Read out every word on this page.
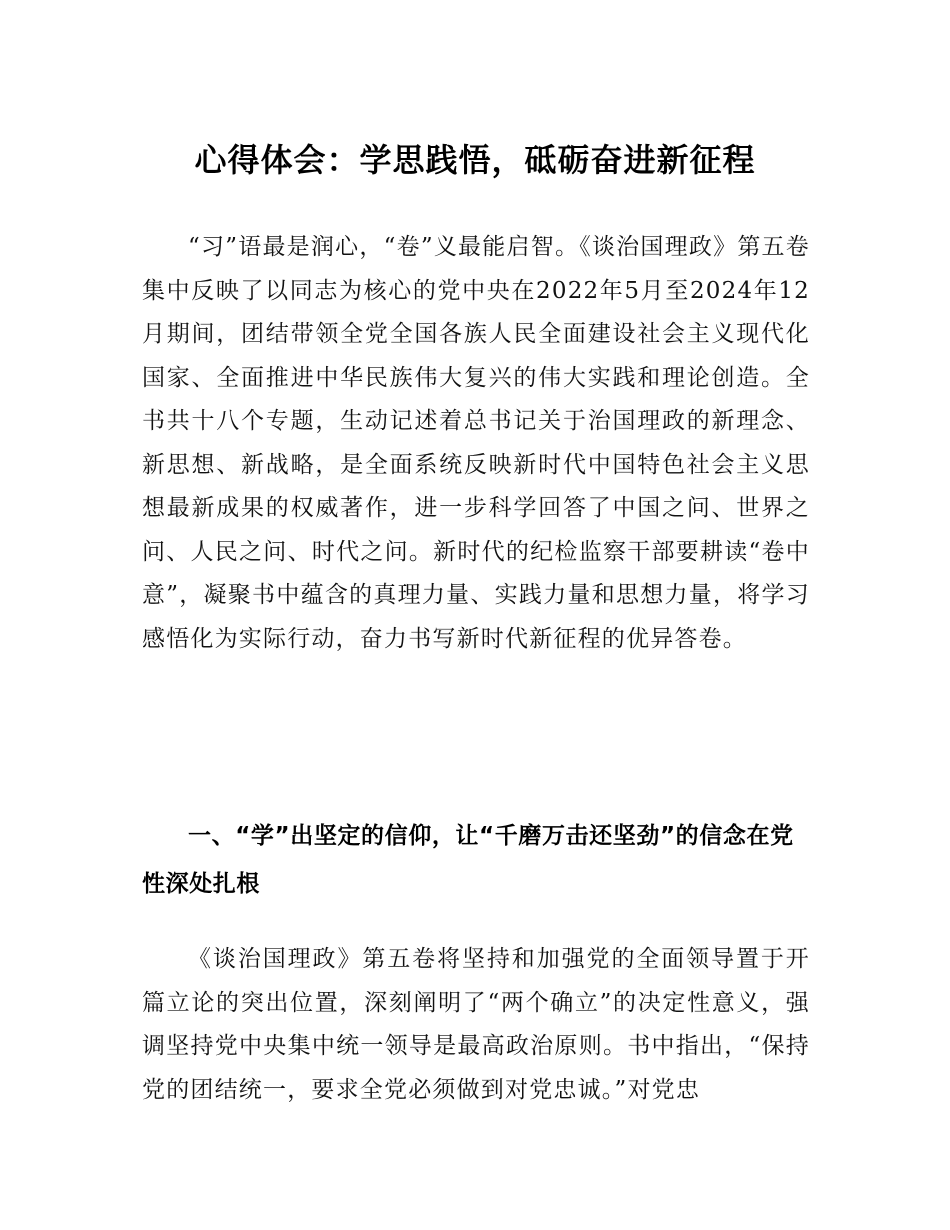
心得体会：学思践悟，砥砺奋进新征程

“习”语最是润心，“卷”义最能启智。《谈治国理政》第五卷集中反映了以同志为核心的党中央在2022年5月至2024年12月期间，团结带领全党全国各族人民全面建设社会主义现代化国家、全面推进中华民族伟大复兴的伟大实践和理论创造。全书共十八个专题，生动记述着总书记关于治国理政的新理念、新思想、新战略，是全面系统反映新时代中国特色社会主义思想最新成果的权威著作，进一步科学回答了中国之问、世界之问、人民之问、时代之问。新时代的纪检监察干部要耕读“卷中意”，凝聚书中蕴含的真理力量、实践力量和思想力量，将学习感悟化为实际行动，奋力书写新时代新征程的优异答卷。

一、“学”出坚定的信仰，让“千磨万击还坚劲”的信念在党性深处扎根

《谈治国理政》第五卷将坚持和加强党的全面领导置于开篇立论的突出位置，深刻阐明了“两个确立”的决定性意义，强调坚持党中央集中统一领导是最高政治原则。书中指出，“保持党的团结统一，要求全党必须做到对党忠诚。”对党忠
